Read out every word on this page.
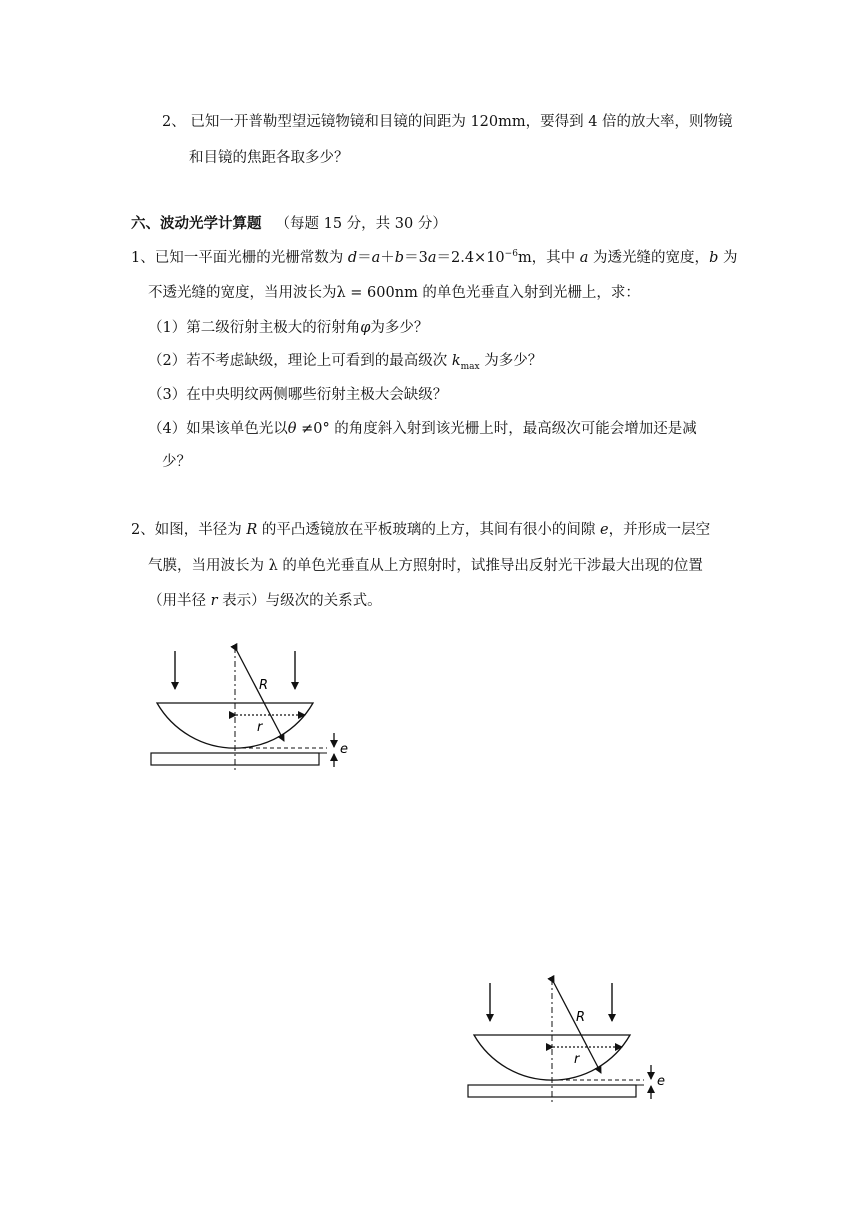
2、 已知一开普勒型望远镜物镜和目镜的间距为 120mm，要得到 4 倍的放大率，则物镜
和目镜的焦距各取多少？
六、波动光学计算题 （每题 15 分，共 30 分）
1、已知一平面光栅的光栅常数为 $d=a+b=3a=2.4\times 10^{-6}m$，其中 a 为透光缝的宽度，b 为
不透光缝的宽度，当用波长为λ = 600nm 的单色光垂直入射到光栅上，求：
（1）第二级衍射主极大的衍射角φ为多少？
（2）若不考虑缺级，理论上可看到的最高级次 $k_{max}$ 为多少？
（3）在中央明纹两侧哪些衍射主极大会缺级？
（4）如果该单色光以θ ≠0° 的角度斜入射到该光栅上时，最高级次可能会增加还是减
少？
2、如图，半径为 R 的平凸透镜放在平板玻璃的上方，其间有很小的间隙 e，并形成一层空
气膜，当用波长为 λ 的单色光垂直从上方照射时，试推导出反射光干涉最大出现的位置
（用半径 r 表示）与级次的关系式。
R
r
e
R
r
e
